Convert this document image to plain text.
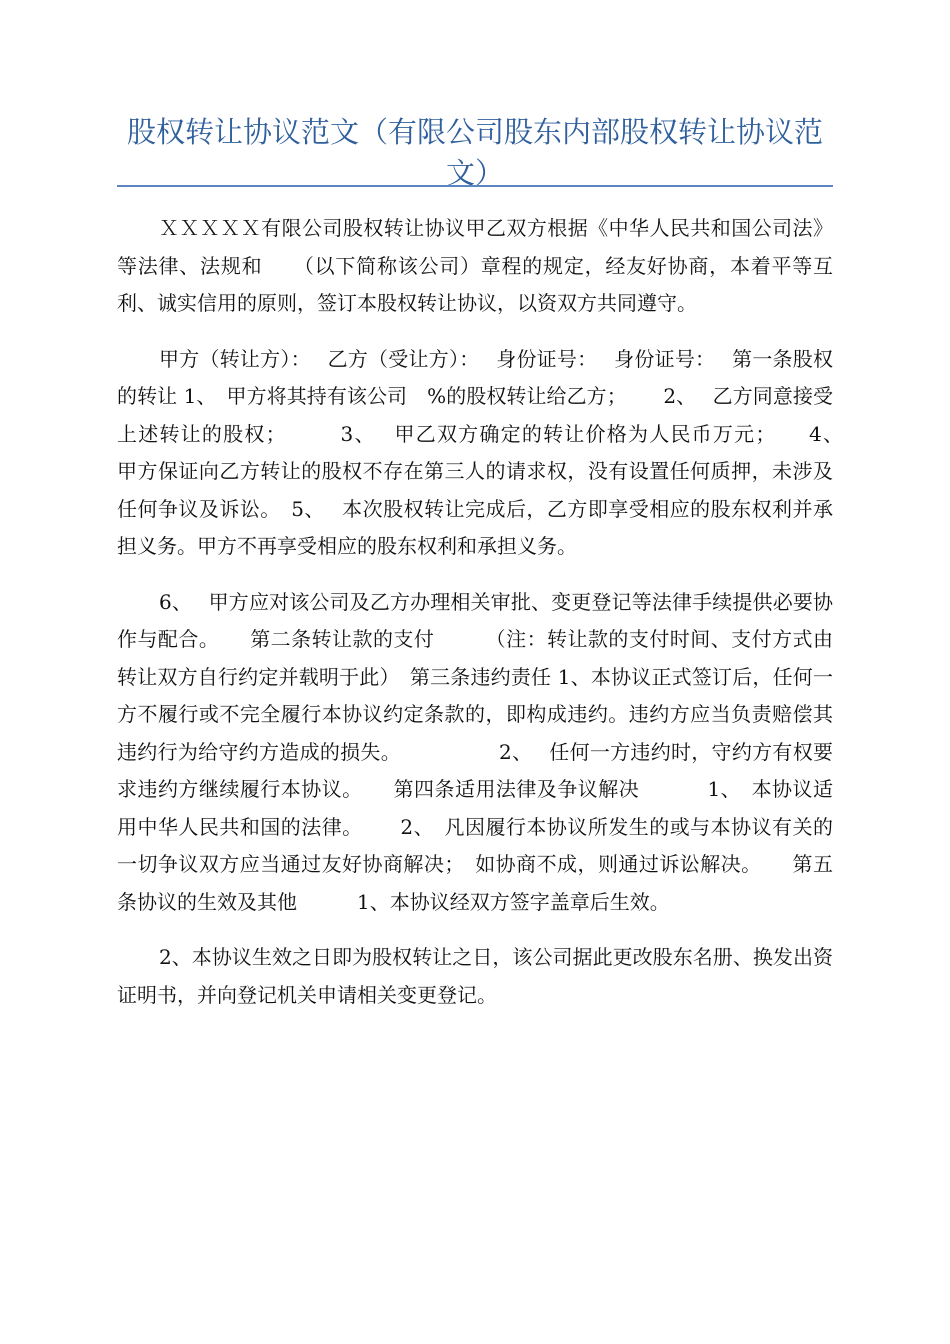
股权转让协议范文（有限公司股东内部股权转让协议范文）

ＸＸＸＸＸ有限公司股权转让协议甲乙双方根据《中华人民共和国公司法》等法律、法规和　　（以下简称该公司）章程的规定，经友好协商，本着平等互利、诚实信用的原则，签订本股权转让协议，以资双方共同遵守。

甲方（转让方）：　 乙方（受让方）：　 身份证号：　 身份证号：　 第一条股权的转让 1、　甲方将其持有该公司　%的股权转让给乙方；　　 2、　 乙方同意接受上述转让的股权；　　　3、　 甲乙双方确定的转让价格为人民币万元；　　4、　 甲方保证向乙方转让的股权不存在第三人的请求权，没有设置任何质押，未涉及任何争议及诉讼。　5、　 本次股权转让完成后，乙方即享受相应的股东权利并承担义务。甲方不再享受相应的股东权利和承担义务。

6、　 甲方应对该公司及乙方办理相关审批、变更登记等法律手续提供必要协作与配合。　　第二条转让款的支付　　　（注：转让款的支付时间、支付方式由转让双方自行约定并载明于此）　第三条违约责任 1、本协议正式签订后，任何一方不履行或不完全履行本协议约定条款的，即构成违约。违约方应当负责赔偿其违约行为给守约方造成的损失。　　　　　 2、　 任何一方违约时，守约方有权要求违约方继续履行本协议。　　第四条适用法律及争议解决　　　 1、　本协议适用中华人民共和国的法律。　　 2、　凡因履行本协议所发生的或与本协议有关的一切争议双方应当通过友好协商解决；　如协商不成，则通过诉讼解决。　　第五条协议的生效及其他　　　1、本协议经双方签字盖章后生效。

2、本协议生效之日即为股权转让之日，该公司据此更改股东名册、换发出资证明书，并向登记机关申请相关变更登记。
